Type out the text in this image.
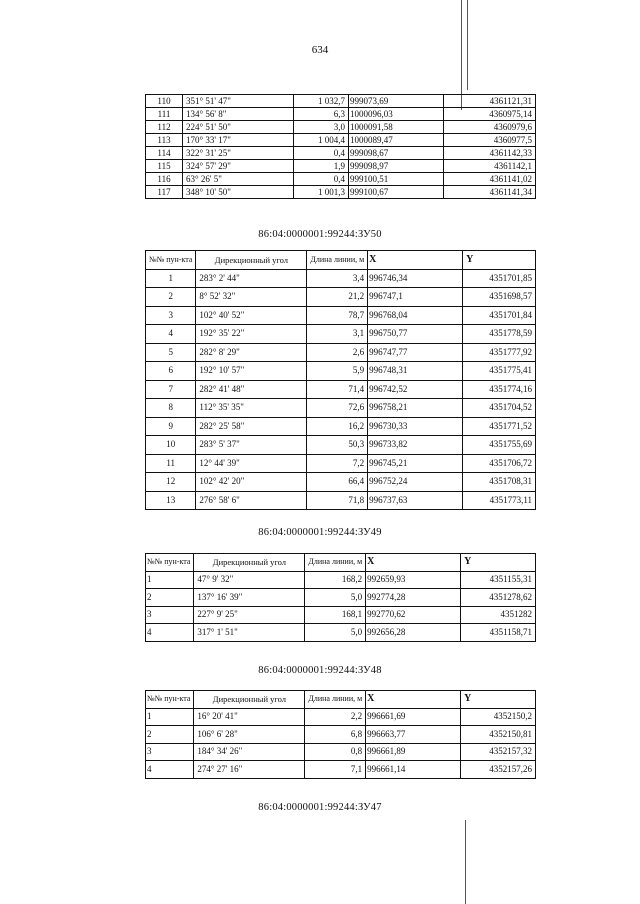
634
110	351° 51' 47"	1 032,7	999073,69	4361121,31
111	134° 56' 8"	6,3	1000096,03	4360975,14
112	224° 51' 50"	3,0	1000091,58	4360979,6
113	170° 33' 17"	1 004,4	1000089,47	4360977,5
114	322° 31' 25"	0,4	999098,67	4361142,33
115	324° 57' 29"	1,9	999098,97	4361142,1
116	63° 26' 5"	0,4	999100,51	4361141,02
117	348° 10' 50"	1 001,3	999100,67	4361141,34
86:04:0000001:99244:ЗУ50
№№ пун-кта	Дирекционный угол	Длина линии, м	X	Y
1	283° 2' 44"	3,4	996746,34	4351701,85
2	8° 52' 32"	21,2	996747,1	4351698,57
3	102° 40' 52"	78,7	996768,04	4351701,84
4	192° 35' 22"	3,1	996750,77	4351778,59
5	282° 8' 29"	2,6	996747,77	4351777,92
6	192° 10' 57"	5,9	996748,31	4351775,41
7	282° 41' 48"	71,4	996742,52	4351774,16
8	112° 35' 35"	72,6	996758,21	4351704,52
9	282° 25' 58"	16,2	996730,33	4351771,52
10	283° 5' 37"	50,3	996733,82	4351755,69
11	12° 44' 39"	7,2	996745,21	4351706,72
12	102° 42' 20"	66,4	996752,24	4351708,31
13	276° 58' 6"	71,8	996737,63	4351773,11
86:04:0000001:99244:ЗУ49
№№ пун-кта	Дирекционный угол	Длина линии, м	X	Y
1	47° 9' 32"	168,2	992659,93	4351155,31
2	137° 16' 39"	5,0	992774,28	4351278,62
3	227° 9' 25"	168,1	992770,62	4351282
4	317° 1' 51"	5,0	992656,28	4351158,71
86:04:0000001:99244:ЗУ48
№№ пун-кта	Дирекционный угол	Длина линии, м	X	Y
1	16° 20' 41"	2,2	996661,69	4352150,2
2	106° 6' 28"	6,8	996663,77	4352150,81
3	184° 34' 26"	0,8	996661,89	4352157,32
4	274° 27' 16"	7,1	996661,14	4352157,26
86:04:0000001:99244:ЗУ47
